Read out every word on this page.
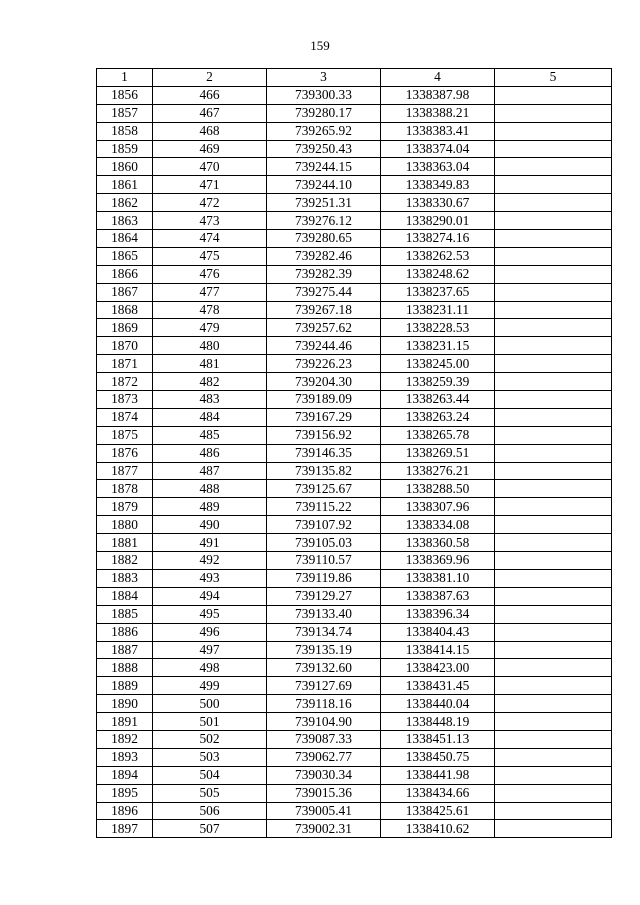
159
1	2	3	4	5
1856	466	739300.33	1338387.98	
1857	467	739280.17	1338388.21	
1858	468	739265.92	1338383.41	
1859	469	739250.43	1338374.04	
1860	470	739244.15	1338363.04	
1861	471	739244.10	1338349.83	
1862	472	739251.31	1338330.67	
1863	473	739276.12	1338290.01	
1864	474	739280.65	1338274.16	
1865	475	739282.46	1338262.53	
1866	476	739282.39	1338248.62	
1867	477	739275.44	1338237.65	
1868	478	739267.18	1338231.11	
1869	479	739257.62	1338228.53	
1870	480	739244.46	1338231.15	
1871	481	739226.23	1338245.00	
1872	482	739204.30	1338259.39	
1873	483	739189.09	1338263.44	
1874	484	739167.29	1338263.24	
1875	485	739156.92	1338265.78	
1876	486	739146.35	1338269.51	
1877	487	739135.82	1338276.21	
1878	488	739125.67	1338288.50	
1879	489	739115.22	1338307.96	
1880	490	739107.92	1338334.08	
1881	491	739105.03	1338360.58	
1882	492	739110.57	1338369.96	
1883	493	739119.86	1338381.10	
1884	494	739129.27	1338387.63	
1885	495	739133.40	1338396.34	
1886	496	739134.74	1338404.43	
1887	497	739135.19	1338414.15	
1888	498	739132.60	1338423.00	
1889	499	739127.69	1338431.45	
1890	500	739118.16	1338440.04	
1891	501	739104.90	1338448.19	
1892	502	739087.33	1338451.13	
1893	503	739062.77	1338450.75	
1894	504	739030.34	1338441.98	
1895	505	739015.36	1338434.66	
1896	506	739005.41	1338425.61	
1897	507	739002.31	1338410.62	
